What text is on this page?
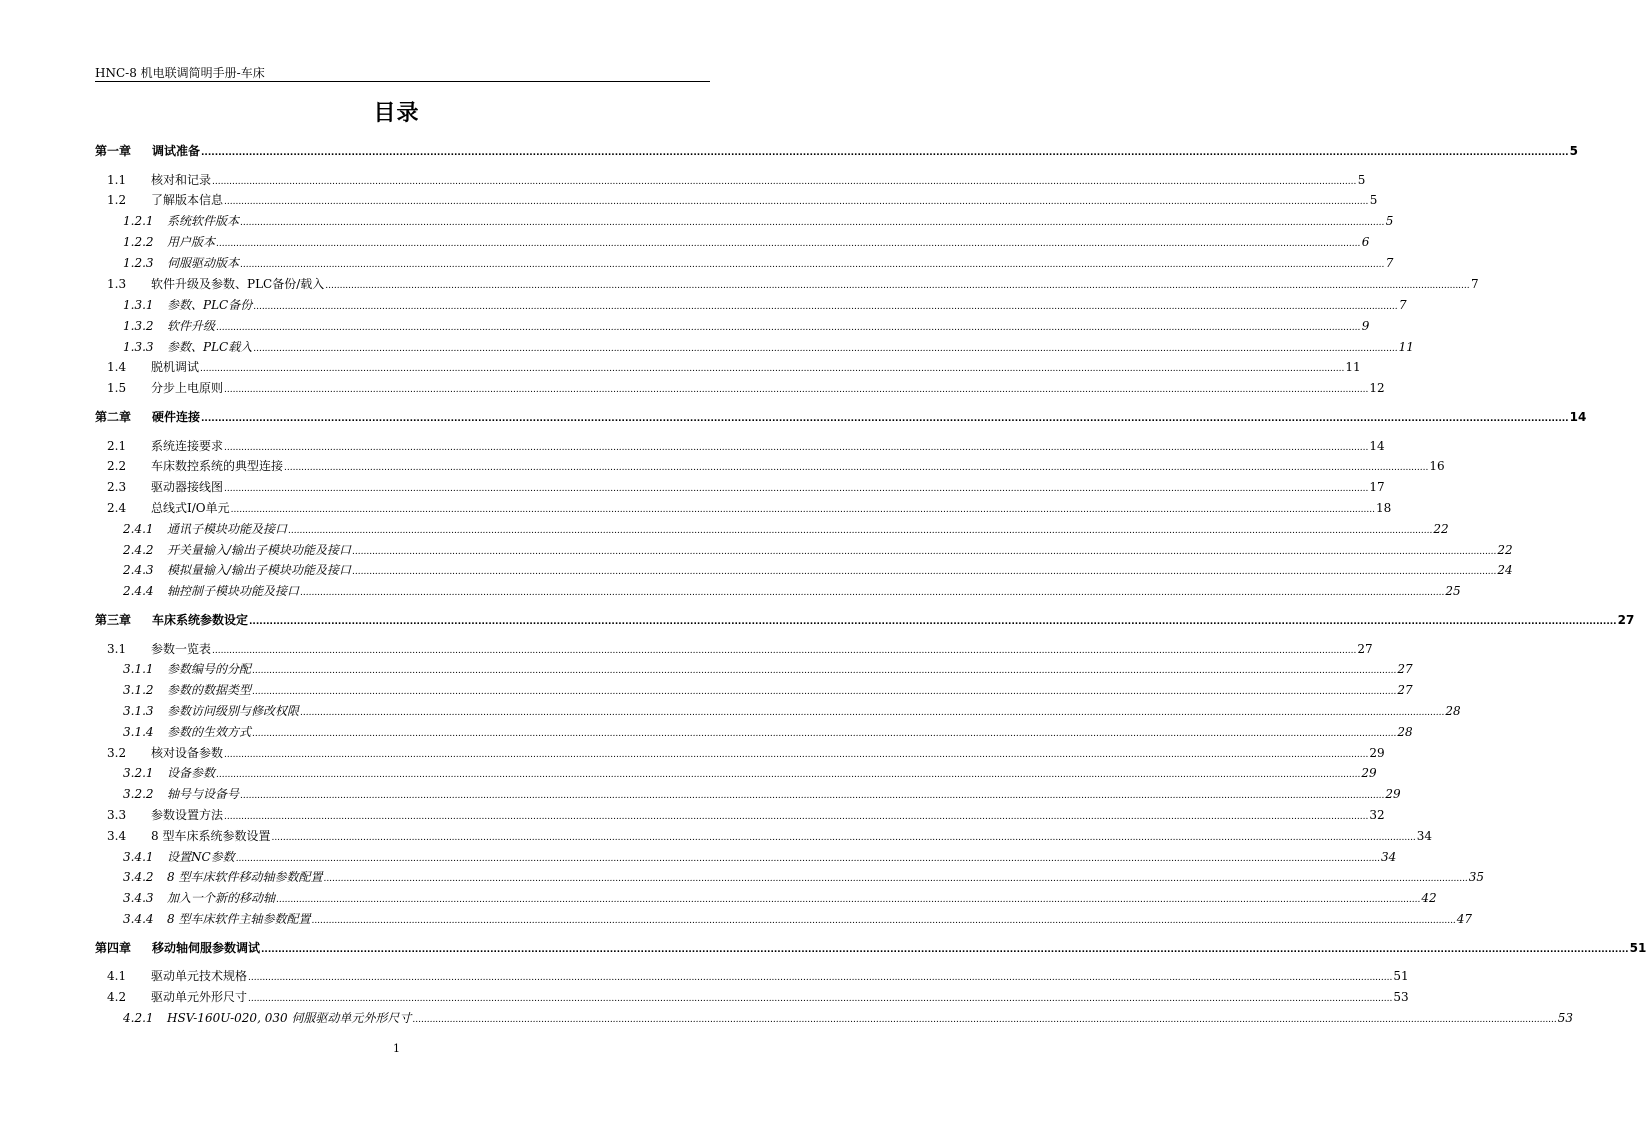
HNC-8 机电联调简明手册-车床
目录
第一章	调试准备 ................................................................................................................................................................................................................................................................................................................................................................................................................ 5
1.1	核对和记录 ................................................................................................................................................................................................................................................................................................................................................................................................................ 5
1.2	了解版本信息 ................................................................................................................................................................................................................................................................................................................................................................................................................ 5
1.2.1	系统软件版本 ................................................................................................................................................................................................................................................................................................................................................................................................................ 5
1.2.2	用户版本 ................................................................................................................................................................................................................................................................................................................................................................................................................ 6
1.2.3	伺服驱动版本 ................................................................................................................................................................................................................................................................................................................................................................................................................ 7
1.3	软件升级及参数、PLC备份/载入 ................................................................................................................................................................................................................................................................................................................................................................................................................ 7
1.3.1	参数、PLC备份 ................................................................................................................................................................................................................................................................................................................................................................................................................ 7
1.3.2	软件升级 ................................................................................................................................................................................................................................................................................................................................................................................................................ 9
1.3.3	参数、PLC载入 ................................................................................................................................................................................................................................................................................................................................................................................................................ 11
1.4	脱机调试 ................................................................................................................................................................................................................................................................................................................................................................................................................ 11
1.5	分步上电原则 ................................................................................................................................................................................................................................................................................................................................................................................................................ 12
第二章	硬件连接 ................................................................................................................................................................................................................................................................................................................................................................................................................ 14
2.1	系统连接要求 ................................................................................................................................................................................................................................................................................................................................................................................................................ 14
2.2	车床数控系统的典型连接 ................................................................................................................................................................................................................................................................................................................................................................................................................ 16
2.3	驱动器接线图 ................................................................................................................................................................................................................................................................................................................................................................................................................ 17
2.4	总线式I/O单元 ................................................................................................................................................................................................................................................................................................................................................................................................................ 18
2.4.1	通讯子模块功能及接口 ................................................................................................................................................................................................................................................................................................................................................................................................................ 22
2.4.2	开关量输入/输出子模块功能及接口 ................................................................................................................................................................................................................................................................................................................................................................................................................ 22
2.4.3	模拟量输入/输出子模块功能及接口 ................................................................................................................................................................................................................................................................................................................................................................................................................ 24
2.4.4	轴控制子模块功能及接口 ................................................................................................................................................................................................................................................................................................................................................................................................................ 25
第三章	车床系统参数设定 ................................................................................................................................................................................................................................................................................................................................................................................................................ 27
3.1	参数一览表 ................................................................................................................................................................................................................................................................................................................................................................................................................ 27
3.1.1	参数编号的分配 ................................................................................................................................................................................................................................................................................................................................................................................................................ 27
3.1.2	参数的数据类型 ................................................................................................................................................................................................................................................................................................................................................................................................................ 27
3.1.3	参数访问级别与修改权限 ................................................................................................................................................................................................................................................................................................................................................................................................................ 28
3.1.4	参数的生效方式 ................................................................................................................................................................................................................................................................................................................................................................................................................ 28
3.2	核对设备参数 ................................................................................................................................................................................................................................................................................................................................................................................................................ 29
3.2.1	设备参数 ................................................................................................................................................................................................................................................................................................................................................................................................................ 29
3.2.2	轴号与设备号 ................................................................................................................................................................................................................................................................................................................................................................................................................ 29
3.3	参数设置方法 ................................................................................................................................................................................................................................................................................................................................................................................................................ 32
3.4	8 型车床系统参数设置 ................................................................................................................................................................................................................................................................................................................................................................................................................ 34
3.4.1	设置NC参数 ................................................................................................................................................................................................................................................................................................................................................................................................................ 34
3.4.2	8 型车床软件移动轴参数配置 ................................................................................................................................................................................................................................................................................................................................................................................................................ 35
3.4.3	加入一个新的移动轴 ................................................................................................................................................................................................................................................................................................................................................................................................................ 42
3.4.4	8 型车床软件主轴参数配置 ................................................................................................................................................................................................................................................................................................................................................................................................................ 47
第四章	移动轴伺服参数调试 ................................................................................................................................................................................................................................................................................................................................................................................................................ 51
4.1	驱动单元技术规格 ................................................................................................................................................................................................................................................................................................................................................................................................................ 51
4.2	驱动单元外形尺寸 ................................................................................................................................................................................................................................................................................................................................................................................................................ 53
4.2.1	HSV-160U-020, 030 伺服驱动单元外形尺寸 ................................................................................................................................................................................................................................................................................................................................................................................................................ 53
1
